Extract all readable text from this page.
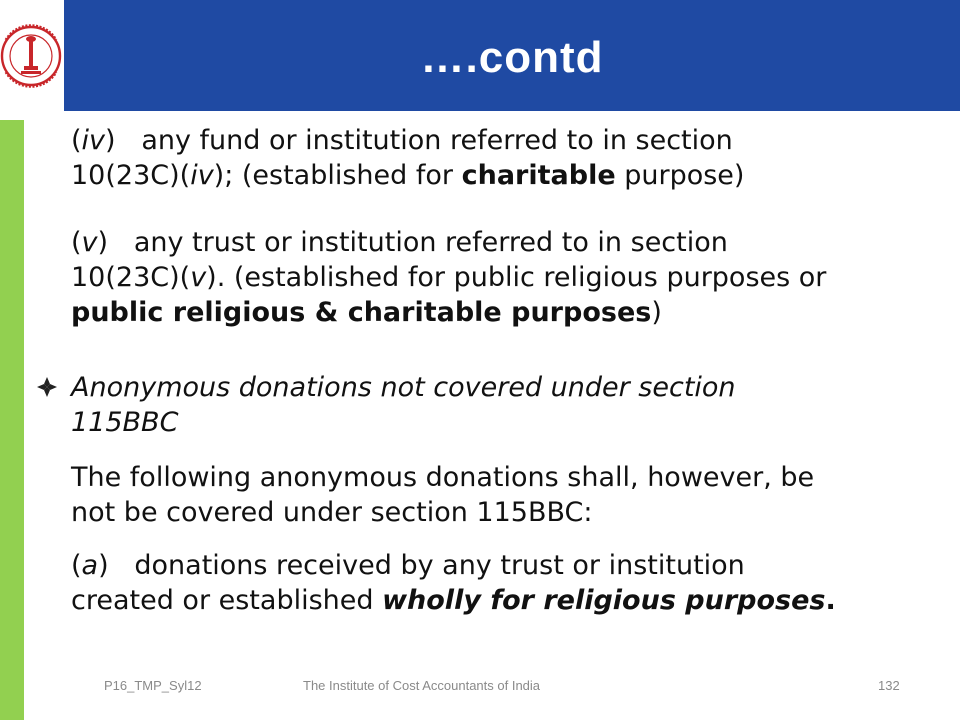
….contd
(iv)   any fund or institution referred to in section
10(23C)(iv); (established for charitable purpose)
(v)   any trust or institution referred to in section
10(23C)(v). (established for public religious purposes or
public religious & charitable purposes)
Anonymous donations not covered under section
115BBC
The following anonymous donations shall, however, be
not be covered under section 115BBC:
(a)   donations received by any trust or institution
created or established wholly for religious purposes.
P16_TMP_Syl12	The Institute of Cost Accountants of India	132
